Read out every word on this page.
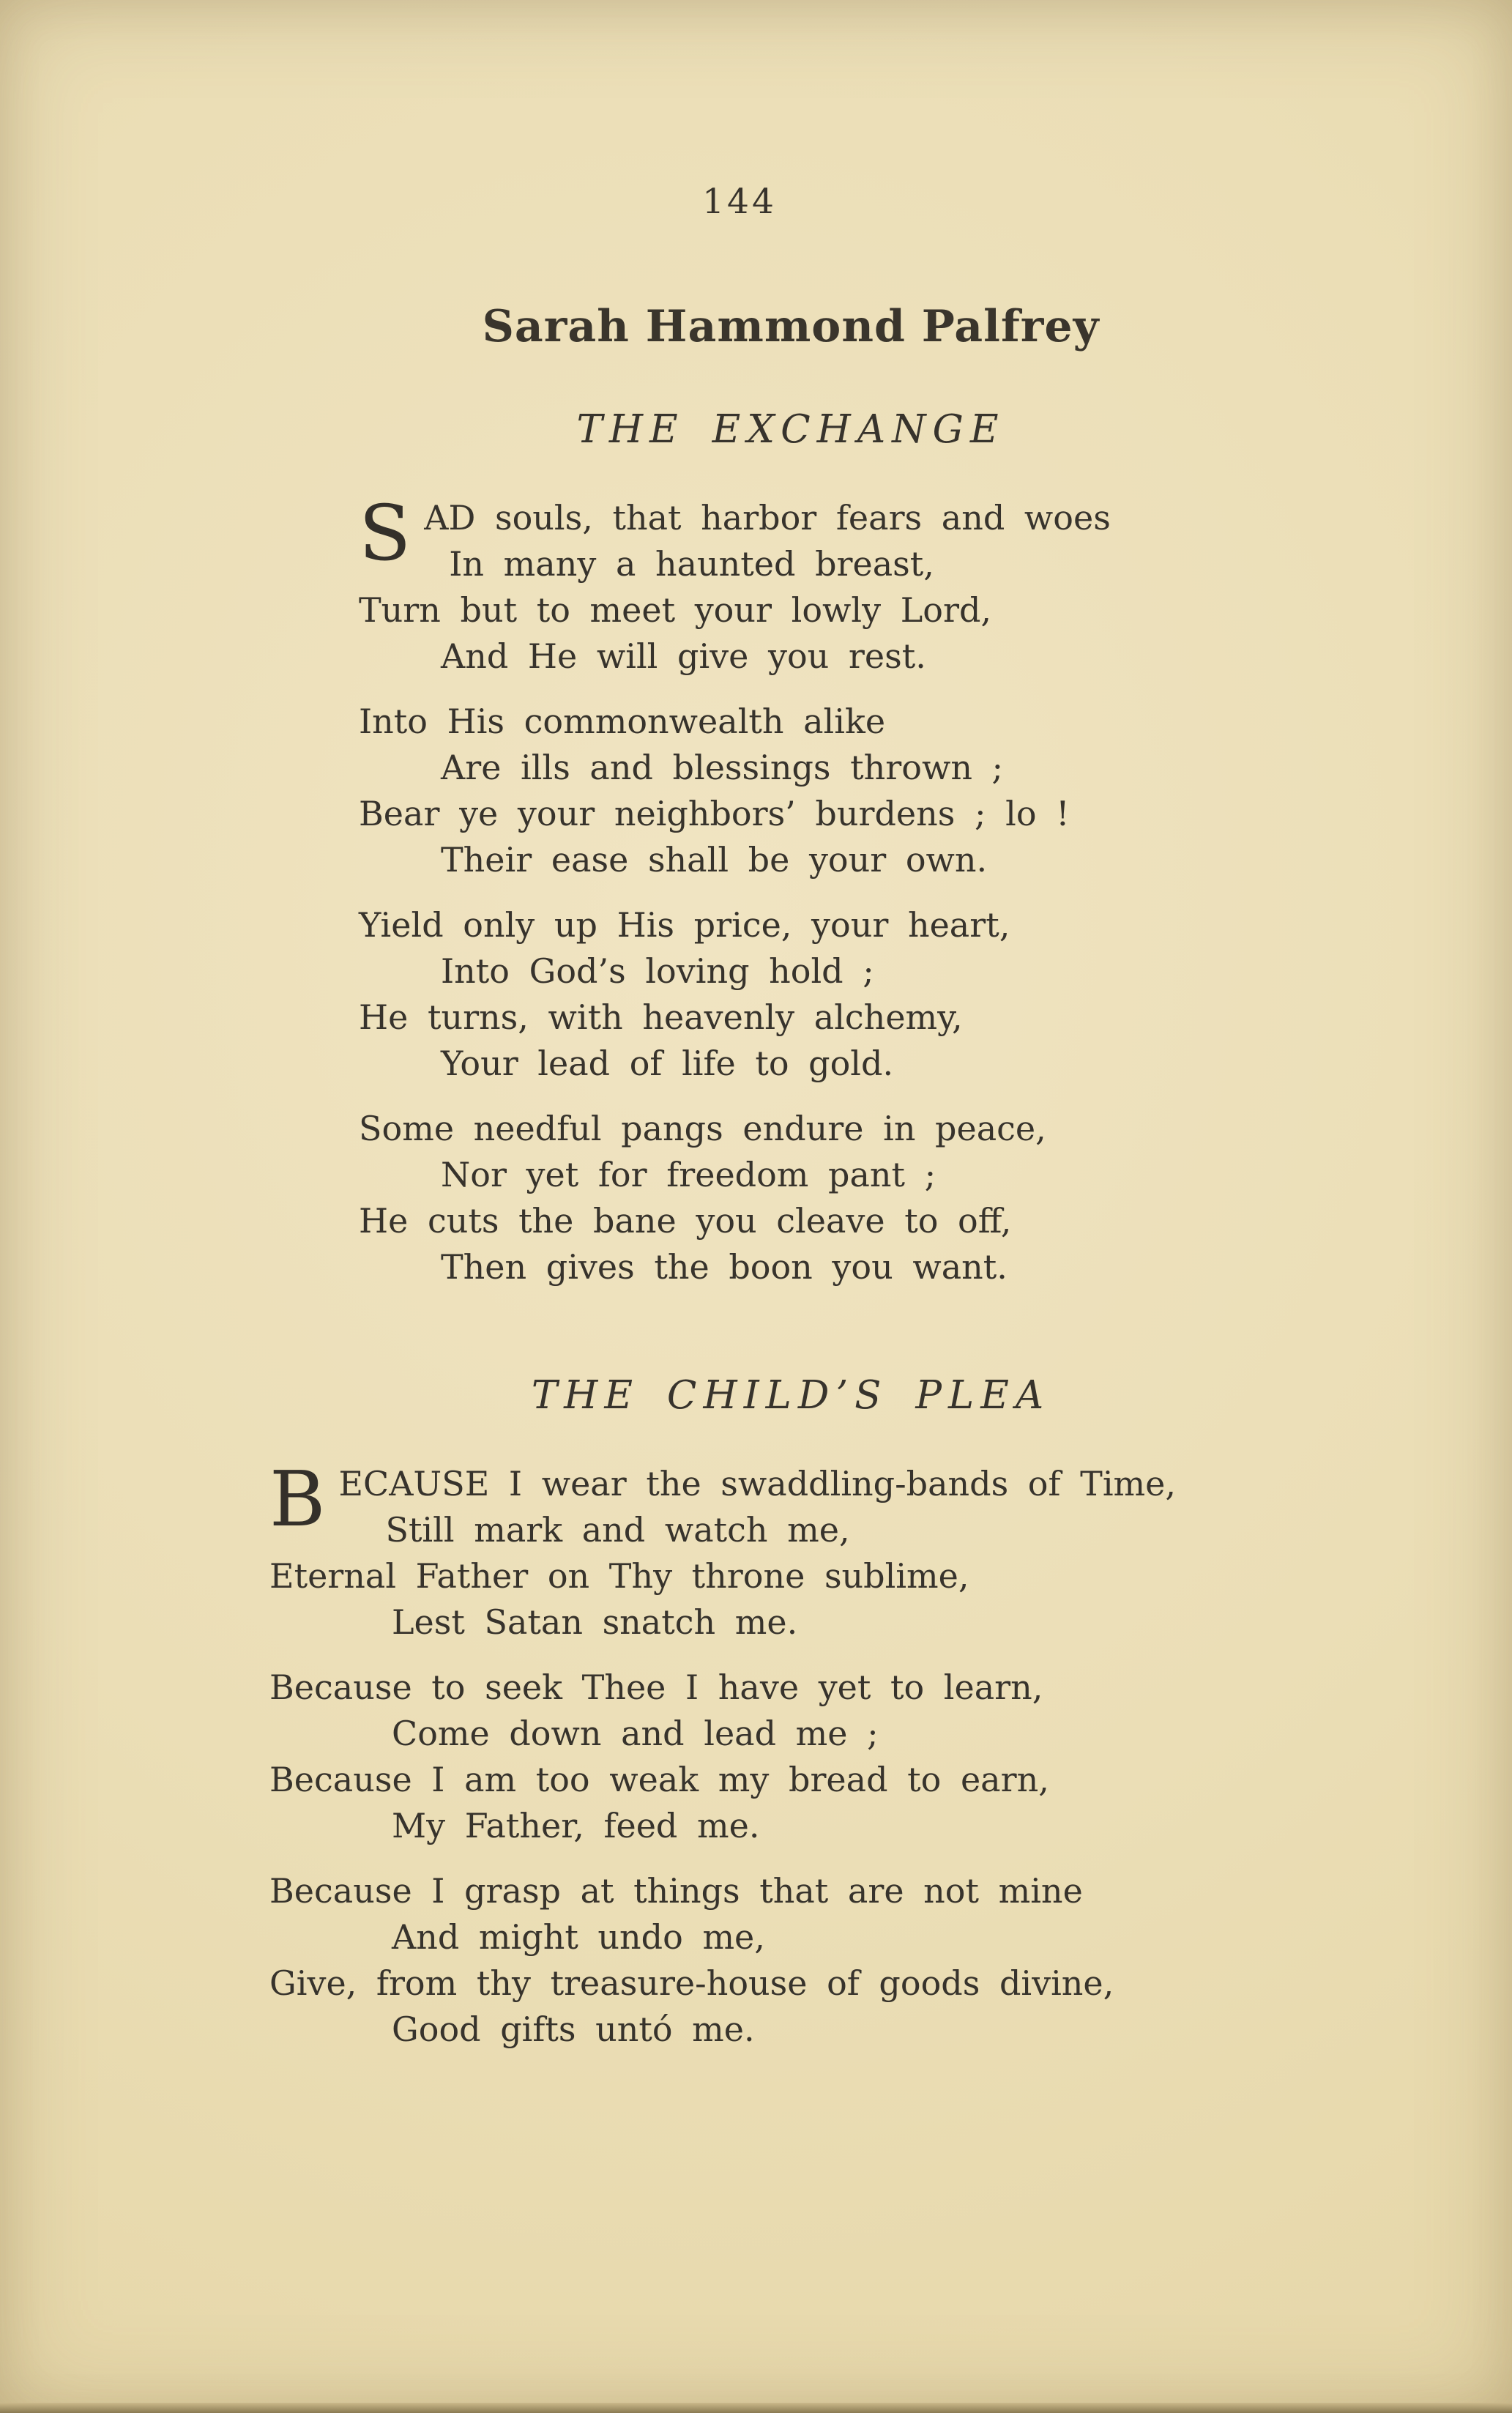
144
Sarah Hammond Palfrey
THE EXCHANGE
S AD souls, that harbor fears and woes

In many a haunted breast,

Turn but to meet your lowly Lord,

And He will give you rest.

Into His commonwealth alike

Are ills and blessings thrown ;

Bear ye your neighbors’ burdens ; lo !

Their ease shall be your own.

Yield only up His price, your heart,

Into God’s loving hold ;

He turns, with heavenly alchemy,

Your lead of life to gold.

Some needful pangs endure in peace,

Nor yet for freedom pant ;

He cuts the bane you cleave to off,

Then gives the boon you want.

THE CHILD’S PLEA
B ECAUSE I wear the swaddling-bands of Time,

Still mark and watch me,

Eternal Father on Thy throne sublime,

Lest Satan snatch me.

Because to seek Thee I have yet to learn,

Come down and lead me ;

Because I am too weak my bread to earn,

My Father, feed me.

Because I grasp at things that are not mine

And might undo me,

Give, from thy treasure-house of goods divine,

Good gifts untó me.
